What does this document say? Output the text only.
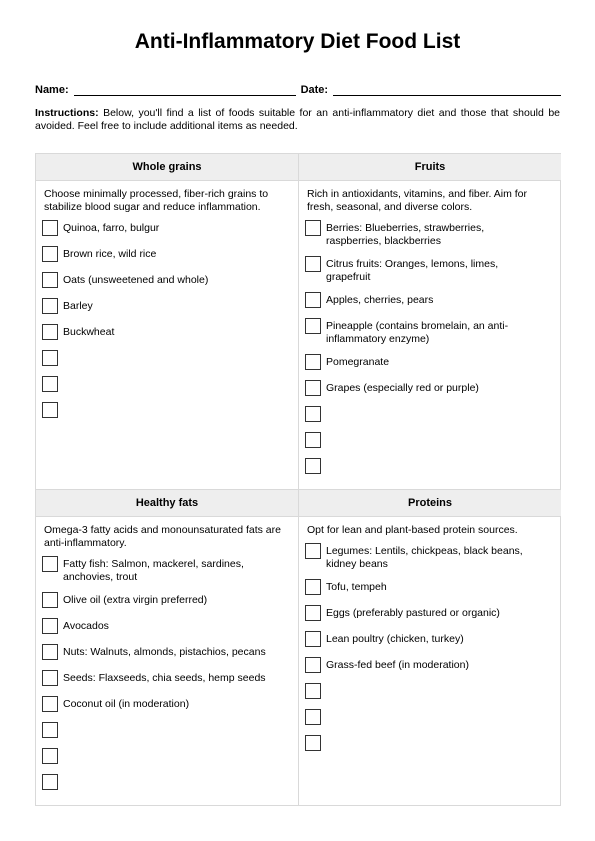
Anti-Inflammatory Diet Food List
Name:	Date:
Instructions: Below, you'll find a list of foods suitable for an anti-inflammatory diet and those that should be avoided. Feel free to include additional items as needed.
Whole grains
Choose minimally processed, fiber-rich grains to stabilize blood sugar and reduce inflammation.
Quinoa, farro, bulgur
Brown rice, wild rice
Oats (unsweetened and whole)
Barley
Buckwheat
Fruits
Rich in antioxidants, vitamins, and fiber. Aim for fresh, seasonal, and diverse colors.
Berries: Blueberries, strawberries, raspberries, blackberries
Citrus fruits: Oranges, lemons, limes, grapefruit
Apples, cherries, pears
Pineapple (contains bromelain, an anti-inflammatory enzyme)
Pomegranate
Grapes (especially red or purple)
Healthy fats
Omega-3 fatty acids and monounsaturated fats are anti-inflammatory.
Fatty fish: Salmon, mackerel, sardines, anchovies, trout
Olive oil (extra virgin preferred)
Avocados
Nuts: Walnuts, almonds, pistachios, pecans
Seeds: Flaxseeds, chia seeds, hemp seeds
Coconut oil (in moderation)
Proteins
Opt for lean and plant-based protein sources.
Legumes: Lentils, chickpeas, black beans, kidney beans
Tofu, tempeh
Eggs (preferably pastured or organic)
Lean poultry (chicken, turkey)
Grass-fed beef (in moderation)
